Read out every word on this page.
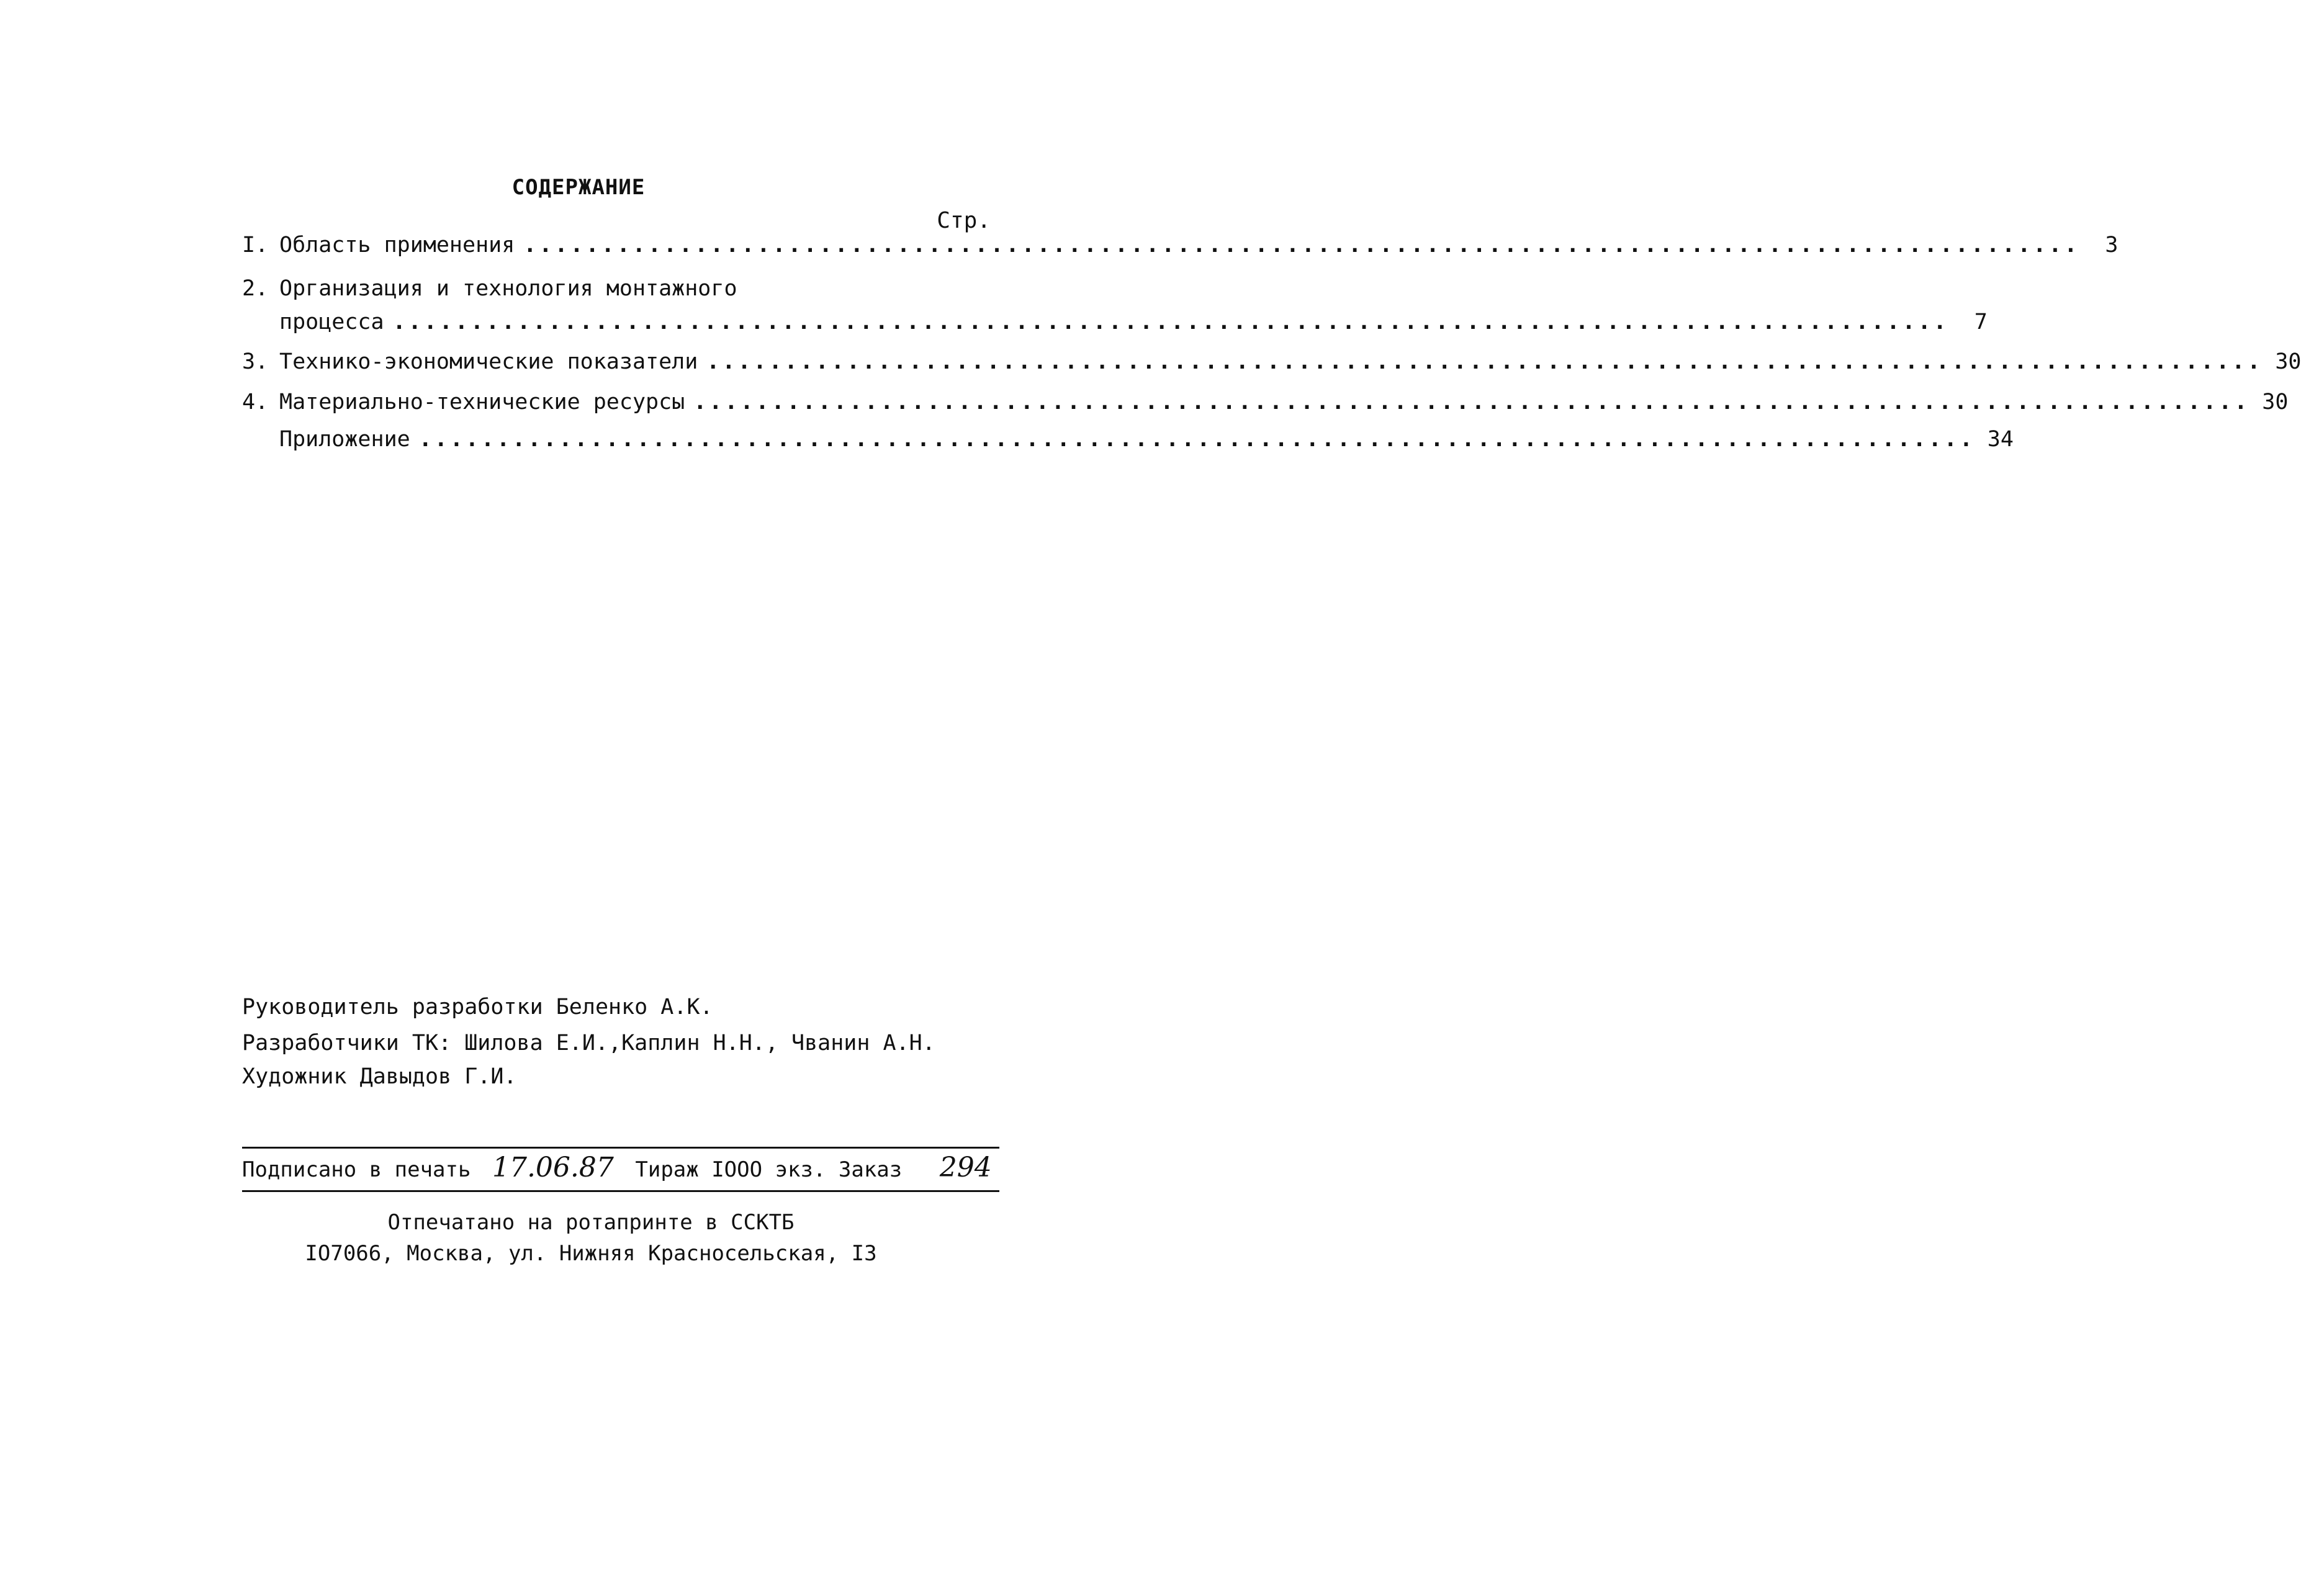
СОДЕРЖАНИЕ
Стр.
I. Область применения ....................................................................................................	3
2. Организация и технология монтажного
процесса ....................................................................................................	7
3. Технико-экономические показатели .................................................................................................... 30
4. Материально-технические ресурсы .................................................................................................... 30
Приложение .................................................................................................... 34
Руководитель разработки Беленко А.К.
Разработчики ТК: Шилова Е.И.,Каплин Н.Н., Чванин А.Н.
Художник Давыдов Г.И.
Подписано в печать 17.06.87 Тираж IOOO экз. Заказ 294
Отпечатано на ротапринте в ССКТБ
IO7066, Москва, ул. Нижняя Красносельская, I3
